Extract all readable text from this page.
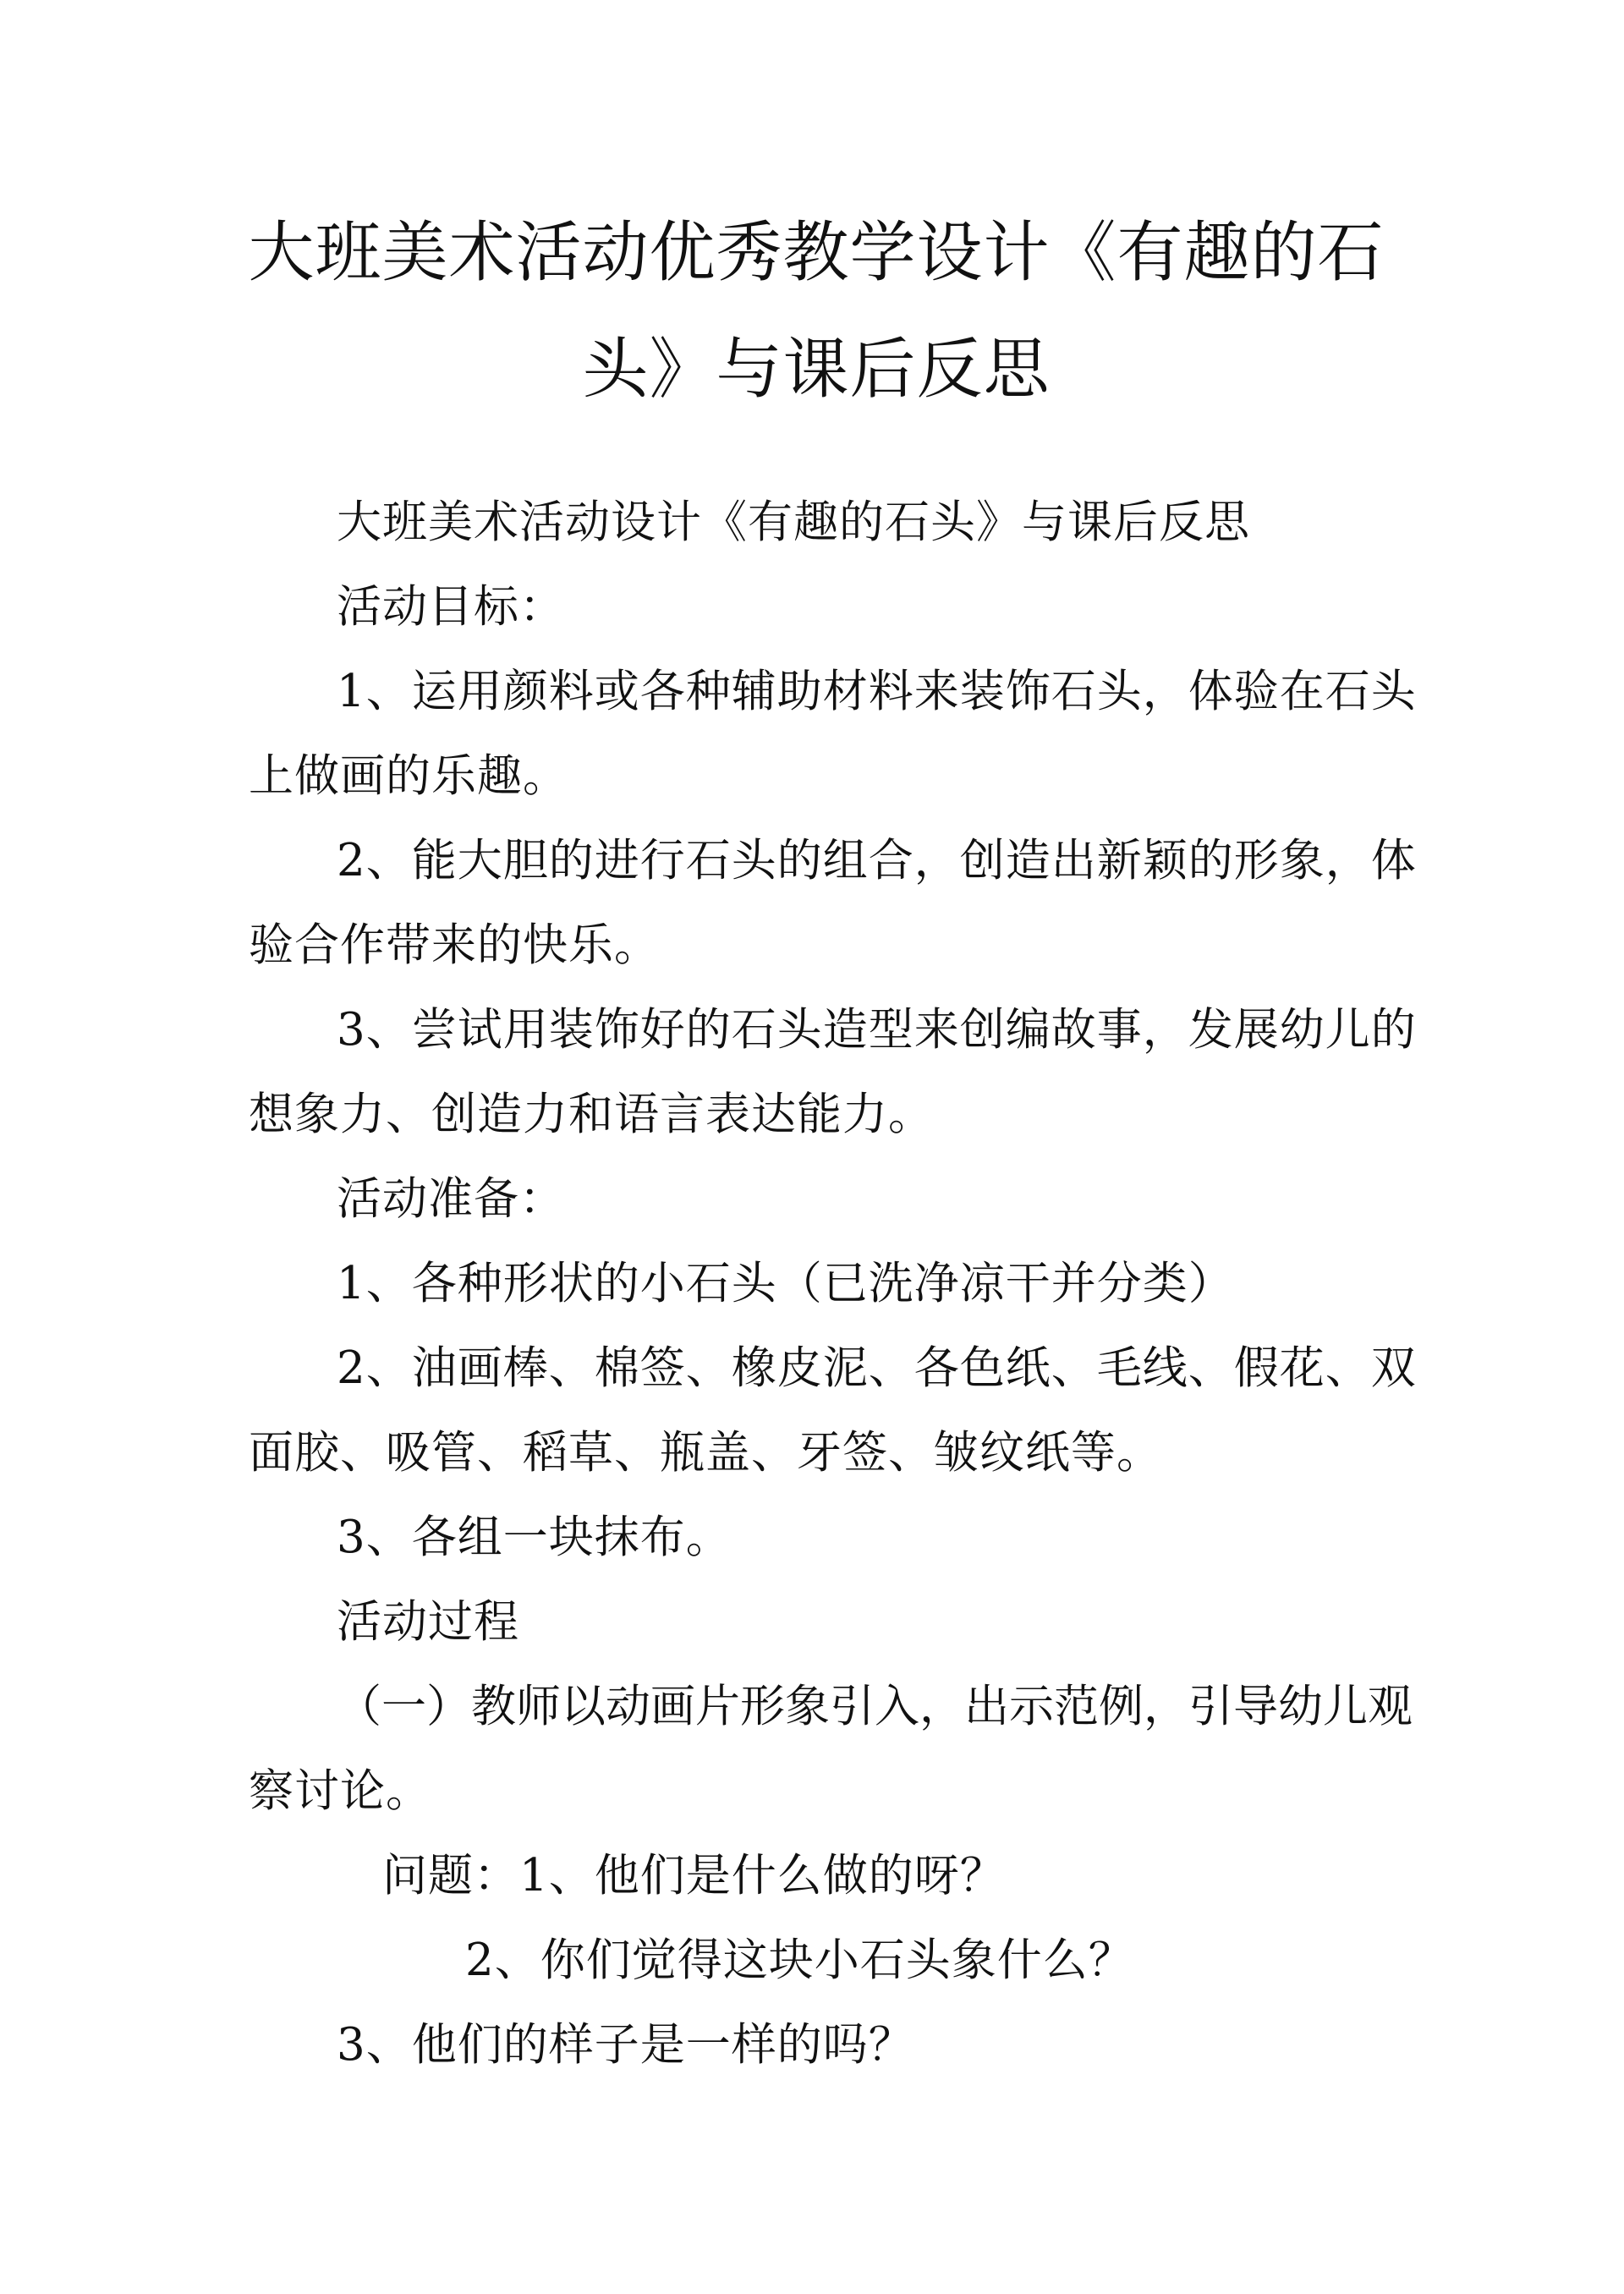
大班美术活动优秀教学设计《有趣的石头》与课后反思

大班美术活动设计《有趣的石头》与课后反思

活动目标：

1、运用颜料或各种辅助材料来装饰石头，体验在石头

上做画的乐趣。

2、能大胆的进行石头的组合，创造出新颖的形象，体

验合作带来的快乐。

3、尝试用装饰好的石头造型来创编故事，发展幼儿的

想象力、创造力和语言表达能力。

活动准备：

1、各种形状的小石头（已洗净凉干并分类）

2、油画棒、棉签、橡皮泥、各色纸、毛线、假花、双

面胶、吸管、稻草、瓶盖、牙签、皱纹纸等。

3、各组一块抹布。

活动过程

（一）教师以动画片形象引入，出示范例，引导幼儿观

察讨论。

问题：1、他们是什么做的呀？

2、你们觉得这块小石头象什么？

3、他们的样子是一样的吗？
